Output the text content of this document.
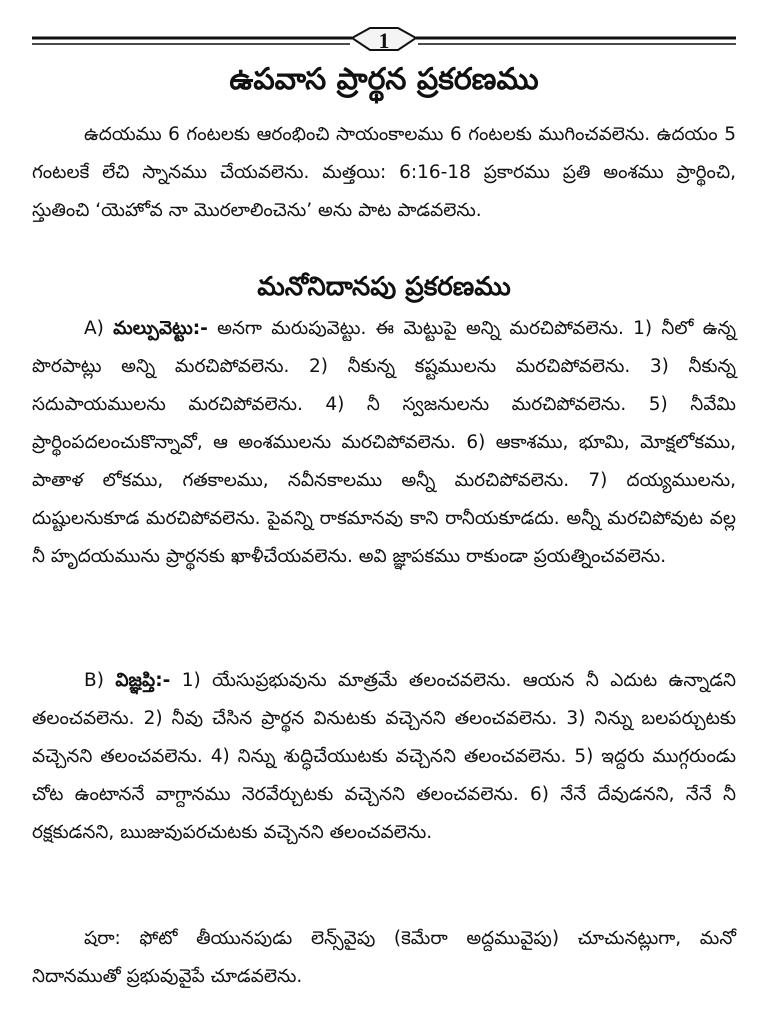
1
ఉపవాస ప్రార్థన ప్రకరణము

ఉదయము 6 గంటలకు ఆరంభించి సాయంకాలము 6 గంటలకు ముగించవలెను. ఉదయం 5 గంటలకే లేచి స్నానము చేయవలెను. మత్తయి: 6:16-18 ప్రకారము ప్రతి అంశము ప్రార్థించి, స్తుతించి ‘యెహోవ నా మొరలాలించెను’ అను పాట పాడవలెను.

మనోనిదానపు ప్రకరణము

A) మల్పువెట్టు:- అనగా మరుపువెట్టు. ఈ మెట్టుపై అన్ని మరచిపోవలెను. 1) నీలో ఉన్న పొరపాట్లు అన్ని మరచిపోవలెను. 2) నీకున్న కష్టములను మరచిపోవలెను. 3) నీకున్న సదుపాయములను మరచిపోవలెను. 4) నీ స్వజనులను మరచిపోవలెను. 5) నీవేమి ప్రార్థింపదలంచుకొన్నావో, ఆ అంశములను మరచిపోవలెను. 6) ఆకాశము, భూమి, మోక్షలోకము, పాతాళ లోకము, గతకాలము, నవీనకాలము అన్నీ మరచిపోవలెను. 7) దయ్యములను, దుష్టులనుకూడ మరచిపోవలెను. పైవన్ని రాకమానవు కాని రానీయకూడదు. అన్నీ మరచిపోవుట వల్ల నీ హృదయమును ప్రార్థనకు ఖాళీచేయవలెను. అవి జ్ఞాపకము రాకుండా ప్రయత్నించవలెను.

B) విజ్ఞప్తి:- 1) యేసుప్రభువును మాత్రమే తలంచవలెను. ఆయన నీ ఎదుట ఉన్నాడని తలంచవలెను. 2) నీవు చేసిన ప్రార్థన వినుటకు వచ్చెనని తలంచవలెను. 3) నిన్ను బలపర్చుటకు వచ్చెనని తలంచవలెను. 4) నిన్ను శుద్ధిచేయుటకు వచ్చెనని తలంచవలెను. 5) ఇద్దరు ముగ్గరుండు చోట ఉంటాననే వాగ్దానము నెరవేర్చుటకు వచ్చెనని తలంచవలెను. 6) నేనే దేవుడనని, నేనే నీ రక్షకుడనని, ఋజువుపరచుటకు వచ్చెనని తలంచవలెను.

షరా: ఫోటో తీయునపుడు లెన్స్‌వైపు (కెమేరా అద్దమువైపు) చూచునట్లుగా, మనో నిదానముతో ప్రభువువైపే చూడవలెను.
